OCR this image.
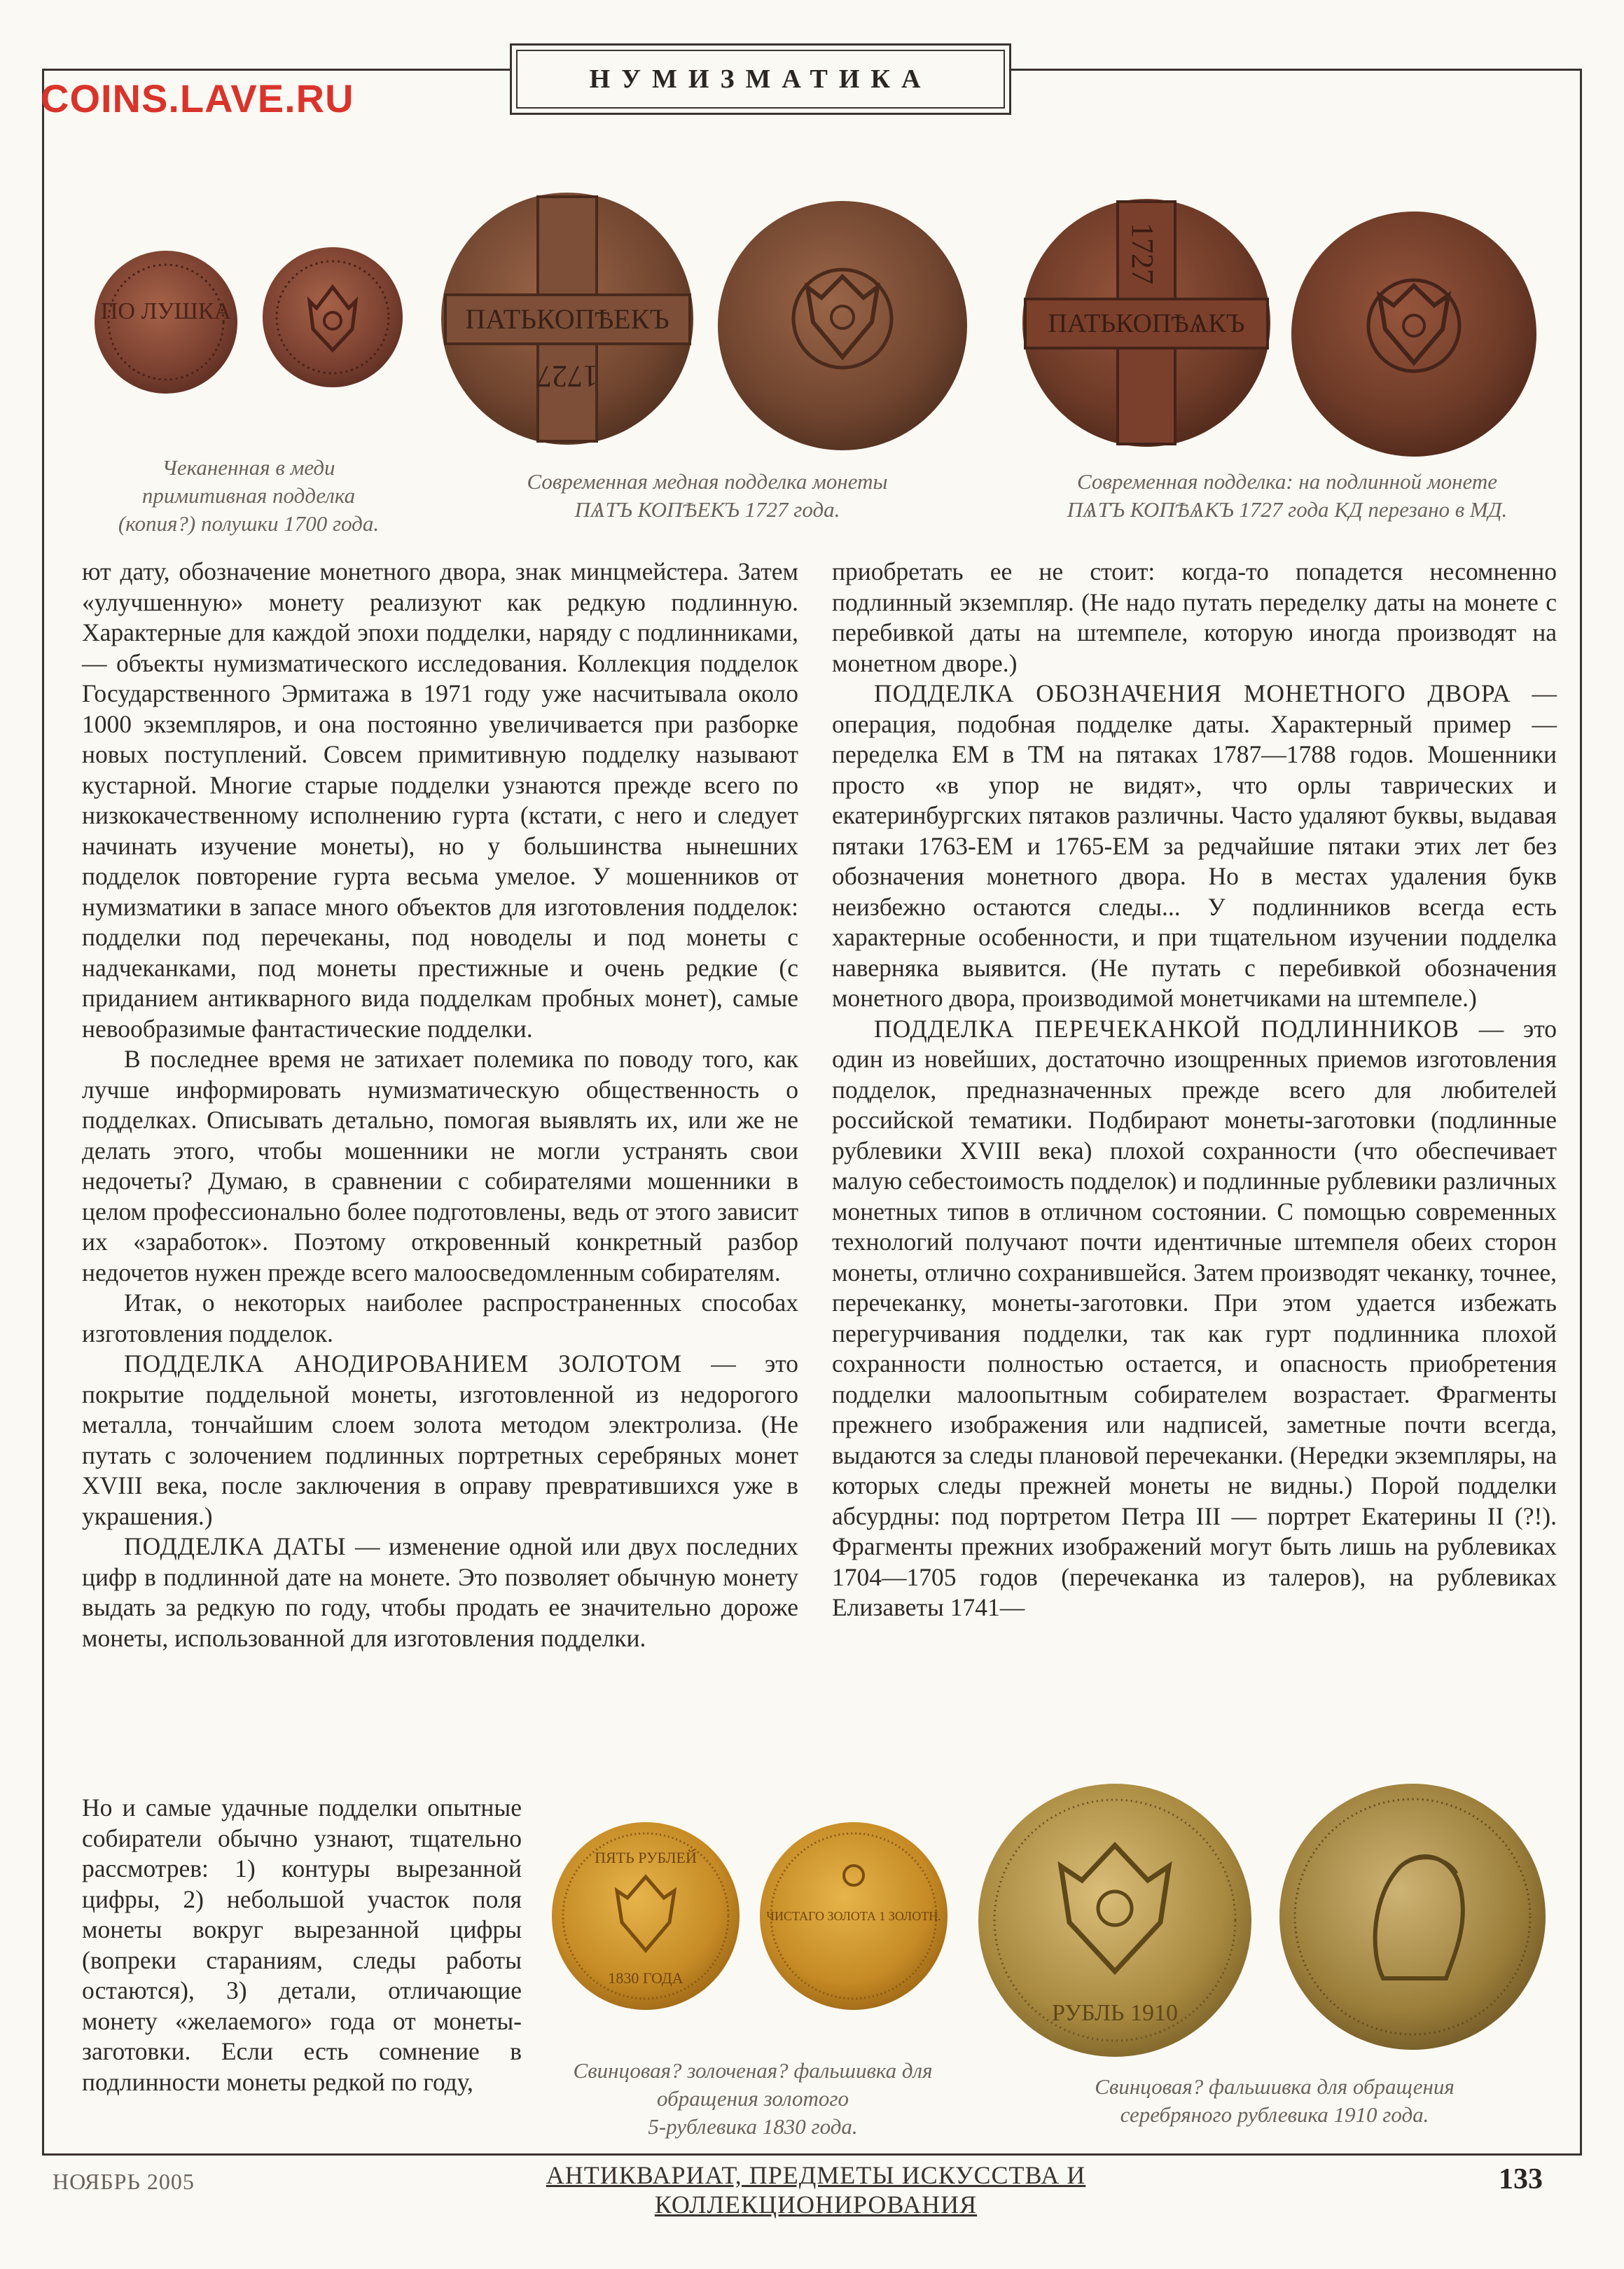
НУМИЗМАТИКА
COINS.LAVE.RU
ПО ЛУШКА	ПАТЬКОПѢЕКЪ
1727
ПАТЬКОПѢѦКЪ
1727
Чеканенная в меди
примитивная подделка
(копия?) полушки 1700 года.
Современная медная подделка монеты
ПѦТЪ КОПѢЕКЪ 1727 года.
Современная подделка: на подлинной монете
ПѦТЪ КОПѢѦКЪ 1727 года КД перезано в МД.

ют дату, обозначение монетного двора, знак минцмейстера. Затем «улучшенную» монету реализуют как редкую подлинную. Характерные для каждой эпохи подделки, наряду с подлинниками, — объекты нумизматического исследования. Коллекция подделок Государственного Эрмитажа в 1971 году уже насчитывала около 1000 экземпляров, и она постоянно увеличивается при разборке новых поступлений. Совсем примитивную подделку называют кустарной. Многие старые подделки узнаются прежде всего по низкокачественному исполнению гурта (кстати, с него и следует начинать изучение монеты), но у большинства нынешних подделок повторение гурта весьма умелое. У мошенников от нумизматики в запасе много объектов для изготовления подделок: подделки под перечеканы, под новоделы и под монеты с надчеканками, под монеты престижные и очень редкие (с приданием антикварного вида подделкам пробных монет), самые невообразимые фантастические подделки.

В последнее время не затихает полемика по поводу того, как лучше информировать нумизматическую общественность о подделках. Описывать детально, помогая выявлять их, или же не делать этого, чтобы мошенники не могли устранять свои недочеты? Думаю, в сравнении с собирателями мошенники в целом профессионально более подготовлены, ведь от этого зависит их «заработок». Поэтому откровенный конкретный разбор недочетов нужен прежде всего малоосведомленным собирателям.

Итак, о некоторых наиболее распространенных способах изготовления подделок.

ПОДДЕЛКА АНОДИРОВАНИЕМ ЗОЛОТОМ — это покрытие поддельной монеты, изготовленной из недорогого металла, тончайшим слоем золота методом электролиза. (Не путать с золочением подлинных портретных серебряных монет XVIII века, после заключения в оправу превратившихся уже в украшения.)

ПОДДЕЛКА ДАТЫ — изменение одной или двух последних цифр в подлинной дате на монете. Это позволяет обычную монету выдать за редкую по году, чтобы продать ее значительно дороже монеты, использованной для изготовления подделки.

Но и самые удачные подделки опытные собиратели обычно узнают, тщательно рассмотрев: 1) контуры вырезанной цифры, 2) небольшой участок поля монеты вокруг вырезанной цифры (вопреки стараниям, следы работы остаются), 3) детали, отличающие монету «желаемого» года от монеты-заготовки. Если есть сомнение в подлинности монеты редкой по году,

приобретать ее не стоит: когда-то попадется несомненно подлинный экземпляр. (Не надо путать переделку даты на монете с перебивкой даты на штемпеле, которую иногда производят на монетном дворе.)

ПОДДЕЛКА ОБОЗНАЧЕНИЯ МОНЕТНОГО ДВОРА — операция, подобная подделке даты. Характерный пример — переделка ЕМ в ТМ на пятаках 1787—1788 годов. Мошенники просто «в упор не видят», что орлы таврических и екатеринбургских пятаков различны. Часто удаляют буквы, выдавая пятаки 1763-ЕМ и 1765-ЕМ за редчайшие пятаки этих лет без обозначения монетного двора. Но в местах удаления букв неизбежно остаются следы... У подлинников всегда есть характерные особенности, и при тщательном изучении подделка наверняка выявится. (Не путать с перебивкой обозначения монетного двора, производимой монетчиками на штемпеле.)

ПОДДЕЛКА ПЕРЕЧЕКАНКОЙ ПОДЛИННИКОВ — это один из новейших, достаточно изощренных приемов изготовления подделок, предназначенных прежде всего для любителей российской тематики. Подбирают монеты-заготовки (подлинные рублевики XVIII века) плохой сохранности (что обеспечивает малую себестоимость подделок) и подлинные рублевики различных монетных типов в отличном состоянии. С помощью современных технологий получают почти идентичные штемпеля обеих сторон монеты, отлично сохранившейся. Затем производят чеканку, точнее, перечеканку, монеты-заготовки. При этом удается избежать перегурчивания подделки, так как гурт подлинника плохой сохранности полностью остается, и опасность приобретения подделки малоопытным собирателем возрастает. Фрагменты прежнего изображения или надписей, заметные почти всегда, выдаются за следы плановой перечеканки. (Нередки экземпляры, на которых следы прежней монеты не видны.) Порой подделки абсурдны: под портретом Петра III — портрет Екатерины II (?!). Фрагменты прежних изображений могут быть лишь на рублевиках 1704—1705 годов (перечеканка из талеров), на рублевиках Елизаветы 1741—

ПЯТЬ РУБЛЕЙ
1830 ГОДА
ЧИСТАГО ЗОЛОТА 1 ЗОЛОТН.
РУБЛЬ 1910
Свинцовая? золоченая? фальшивка для
обращения золотого
5-рублевика 1830 года.
Свинцовая? фальшивка для обращения
серебряного рублевика 1910 года.
НОЯБРЬ 2005	АНТИКВАРИАТ, ПРЕДМЕТЫ ИСКУССТВА И КОЛЛЕКЦИОНИРОВАНИЯ
133
